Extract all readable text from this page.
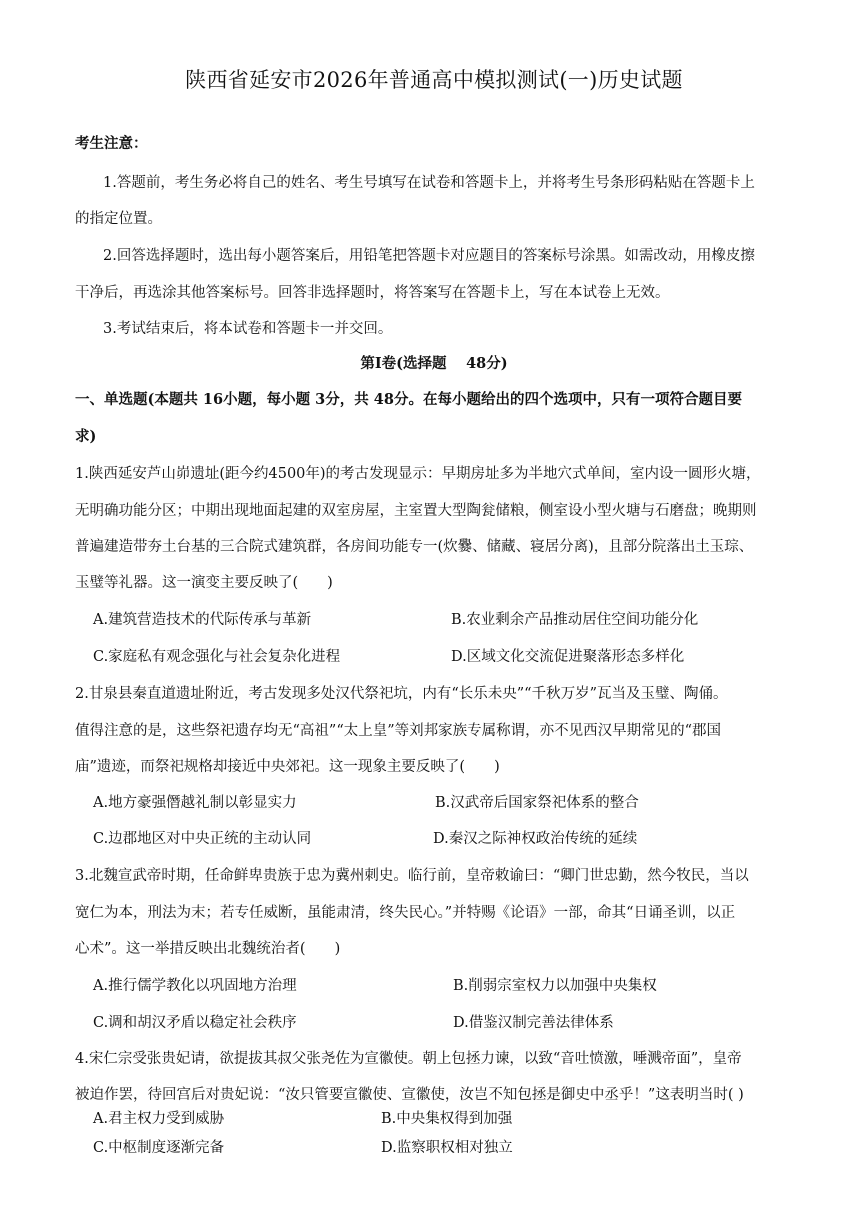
陕西省延安市2026年普通高中模拟测试(一)历史试题
考生注意：
1.答题前，考生务必将自己的姓名、考生号填写在试卷和答题卡上，并将考生号条形码粘贴在答题卡上
的指定位置。
2.回答选择题时，选出每小题答案后，用铅笔把答题卡对应题目的答案标号涂黑。如需改动，用橡皮擦
干净后，再选涂其他答案标号。回答非选择题时，将答案写在答题卡上，写在本试卷上无效。
3.考试结束后，将本试卷和答题卡一并交回。
第Ⅰ卷(选择题　 48分)
一、单选题(本题共 16小题，每小题 3分，共 48分。在每小题给出的四个选项中，只有一项符合题目要
求)
1.陕西延安芦山峁遗址(距今约4500年)的考古发现显示：早期房址多为半地穴式单间，室内设一圆形火塘，
无明确功能分区；中期出现地面起建的双室房屋，主室置大型陶瓮储粮，侧室设小型火塘与石磨盘；晚期则
普遍建造带夯土台基的三合院式建筑群，各房间功能专一(炊爨、储藏、寝居分离)，且部分院落出土玉琮、
玉璧等礼器。这一演变主要反映了(　　)
A.建筑营造技术的代际传承与革新	B.农业剩余产品推动居住空间功能分化
C.家庭私有观念强化与社会复杂化进程	D.区域文化交流促进聚落形态多样化
2.甘泉县秦直道遗址附近，考古发现多处汉代祭祀坑，内有“长乐未央”“千秋万岁”瓦当及玉璧、陶俑。
值得注意的是，这些祭祀遗存均无“高祖”“太上皇”等刘邦家族专属称谓，亦不见西汉早期常见的“郡国
庙”遗迹，而祭祀规格却接近中央郊祀。这一现象主要反映了(　　)
A.地方豪强僭越礼制以彰显实力	B.汉武帝后国家祭祀体系的整合
C.边郡地区对中央正统的主动认同	D.秦汉之际神权政治传统的延续
3.北魏宣武帝时期，任命鲜卑贵族于忠为冀州刺史。临行前，皇帝敕谕曰：“卿门世忠勤，然今牧民，当以
宽仁为本，刑法为末；若专任威断，虽能肃清，终失民心。”并特赐《论语》一部，命其“日诵圣训，以正
心术”。这一举措反映出北魏统治者(　　)
A.推行儒学教化以巩固地方治理	B.削弱宗室权力以加强中央集权
C.调和胡汉矛盾以稳定社会秩序	D.借鉴汉制完善法律体系
4.宋仁宗受张贵妃请，欲提拔其叔父张尧佐为宣徽使。朝上包拯力谏，以致“音吐愤激，唾溅帝面”，皇帝
被迫作罢，待回宫后对贵妃说：“汝只管要宣徽使、宣徽使，汝岂不知包拯是御史中丞乎！”这表明当时( )
A.君主权力受到威胁	B.中央集权得到加强
C.中枢制度逐渐完备	D.监察职权相对独立
